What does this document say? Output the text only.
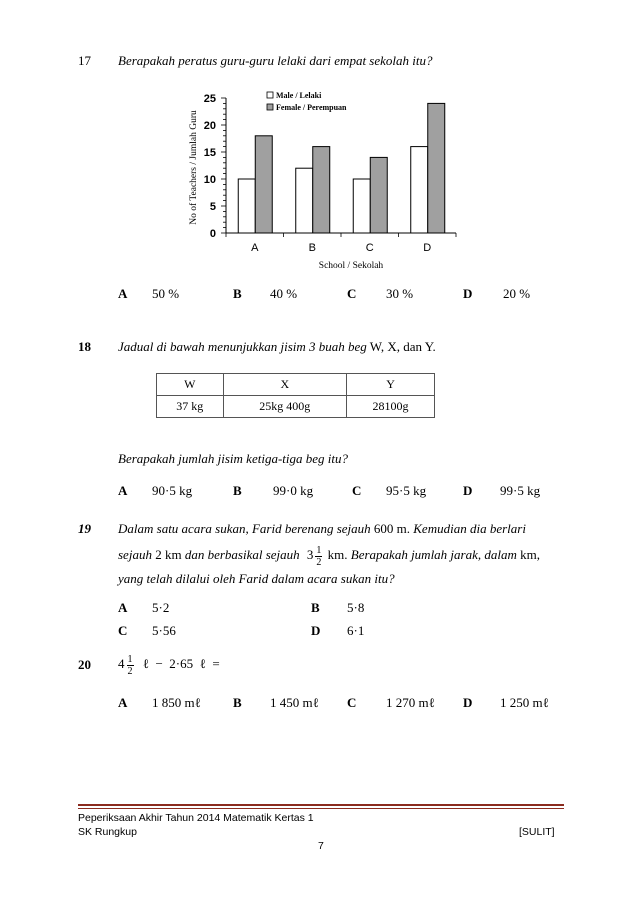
17 Berapakah peratus guru-guru lelaki dari empat sekolah itu?
0
5
10
15
20
25
A	B	C	D
School / Sekolah
No of Teachers / Jumlah Guru
Male / Lelaki
Female / Perempuan
A 50 %	B 40 %	C 30 %	D 20 %
18 Jadual di bawah menunjukkan jisim 3 buah beg W, X, dan Y.
W	X	Y
37 kg	25kg 400g	28100g
Berapakah jumlah jisim ketiga-tiga beg itu?
A 90·5 kg	B 99·0 kg	C 95·5 kg	D 99·5 kg
19 Dalam satu acara sukan, Farid berenang sejauh 600 m. Kemudian dia berlari
sejauh 2 km dan berbasikal sejauh $3 \frac{1}{2}$ km. Berapakah jumlah jarak, dalam km,
yang telah dilalui oleh Farid dalam acara sukan itu?
A 5·2	B 5·8
C 5·56	D 6·1
20 $4 \frac{1}{2}$ ℓ  −  2·65  ℓ  =
A 1 850 mℓ B 1 450 mℓ C 1 270 mℓ D 1 250 mℓ
Peperiksaan Akhir Tahun 2014 Matematik Kertas 1
SK Rungkup	[SULIT]
7
